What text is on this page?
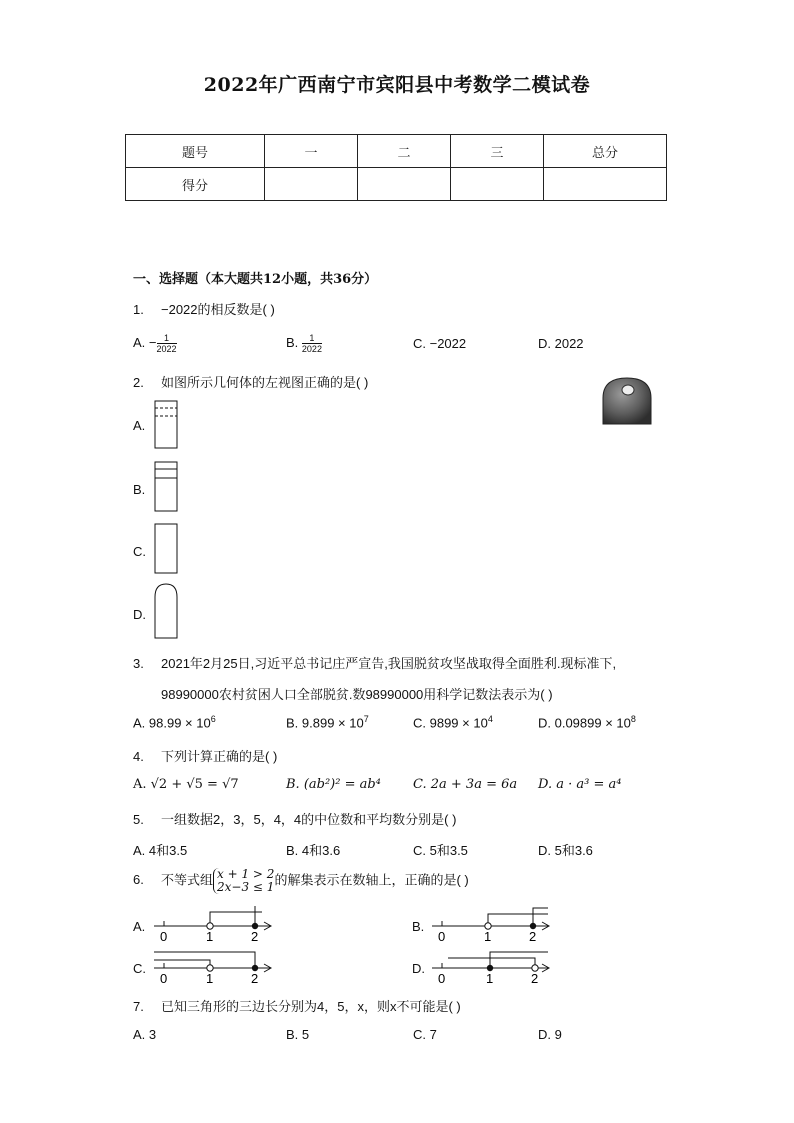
2022年广西南宁市宾阳县中考数学二模试卷
题号	一	二	三	总分
得分				
一、选择题（本大题共12小题，共36分）
1. −2022的相反数是( )
A. − $\frac{1}{2022}$	B. $\frac{1}{2022}$	C. −2022	D. 2022
2. 如图所示几何体的左视图正确的是( )
A.
B.
C.
D.
3. 2021年2月25日,习近平总书记庄严宣告,我国脱贫攻坚战取得全面胜利.现标准下,
98990000农村贫困人口全部脱贫.数98990000用科学记数法表示为( )
A. $98.99 \times 10^6$	B. $9.899 \times 10^7$	C. $9899 \times 10^4$	D. $0.09899 \times 10^8$
4. 下列计算正确的是( )
A. √2 + √5 = √7	B. (ab²)² = ab⁴ C. 2a + 3a = 6a D. a · a³ = a⁴
5. 一组数据2，3，5，4，4的中位数和平均数分别是( )
A. 4和3.5	B. 4和3.6	C. 5和3.5	D. 5和3.6
6. 不等式组 x + 1 > 2
2x−3 ≤ 1 的解集表示在数轴上，正确的是( )
A.
0	1	2
B.
0	1	2
C.
0	1	2
D.
0	1	2
7. 已知三角形的三边长分别为4，5，x，则x不可能是( )
A. 3	B. 5	C. 7	D. 9
